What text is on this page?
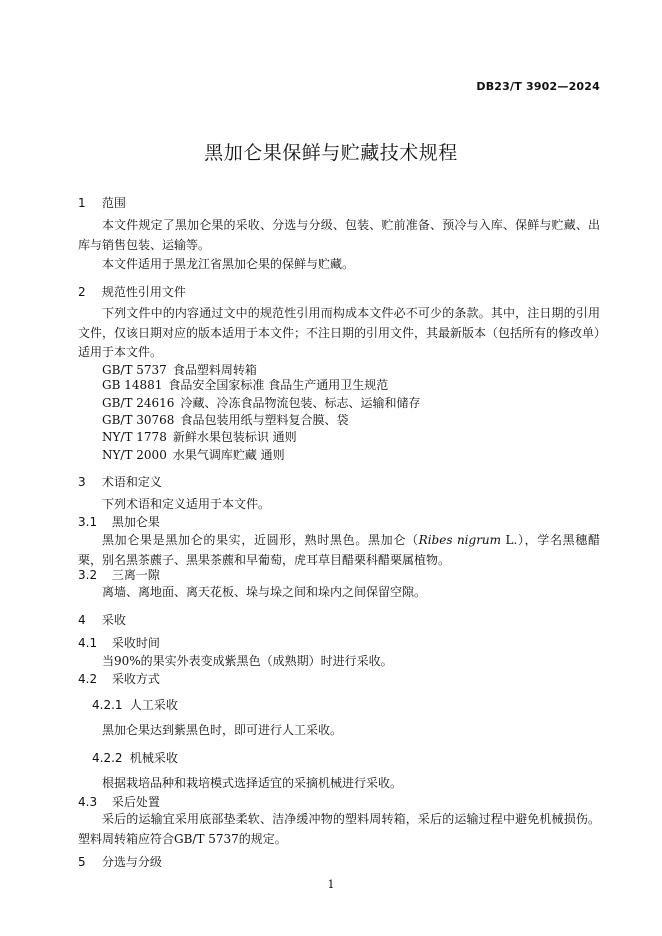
DB23/T 3902—2024
黑加仑果保鲜与贮藏技术规程
1 范围
本文件规定了黑加仑果的采收、分选与分级、包装、贮前准备、预冷与入库、保鲜与贮藏、出库与销售包装、运输等。
本文件适用于黑龙江省黑加仑果的保鲜与贮藏。
2 规范性引用文件
下列文件中的内容通过文中的规范性引用而构成本文件必不可少的条款。其中，注日期的引用文件，仅该日期对应的版本适用于本文件；不注日期的引用文件，其最新版本（包括所有的修改单）适用于本文件。
GB/T 5737 食品塑料周转箱
GB 14881 食品安全国家标准 食品生产通用卫生规范
GB/T 24616 冷藏、冷冻食品物流包装、标志、运输和储存
GB/T 30768 食品包装用纸与塑料复合膜、袋
NY/T 1778 新鲜水果包装标识 通则
NY/T 2000 水果气调库贮藏 通则
3 术语和定义
下列术语和定义适用于本文件。
3.1 黑加仑果
黑加仑果是黑加仑的果实，近圆形，熟时黑色。黑加仑（Ribes nigrum L.），学名黑穗醋栗，别名黑茶藨子、黑果茶藨和早葡萄，虎耳草目醋栗科醋栗属植物。
3.2 三离一隙
离墙、离地面、离天花板、垛与垛之间和垛内之间保留空隙。
4 采收
4.1 采收时间
当90%的果实外表变成紫黑色（成熟期）时进行采收。
4.2 采收方式
4.2.1 人工采收
黑加仑果达到紫黑色时，即可进行人工采收。
4.2.2 机械采收
根据栽培品种和栽培模式选择适宜的采摘机械进行采收。
4.3 采后处置
采后的运输宜采用底部垫柔软、洁净缓冲物的塑料周转箱，采后的运输过程中避免机械损伤。塑料周转箱应符合GB/T 5737的规定。
5 分选与分级
1
